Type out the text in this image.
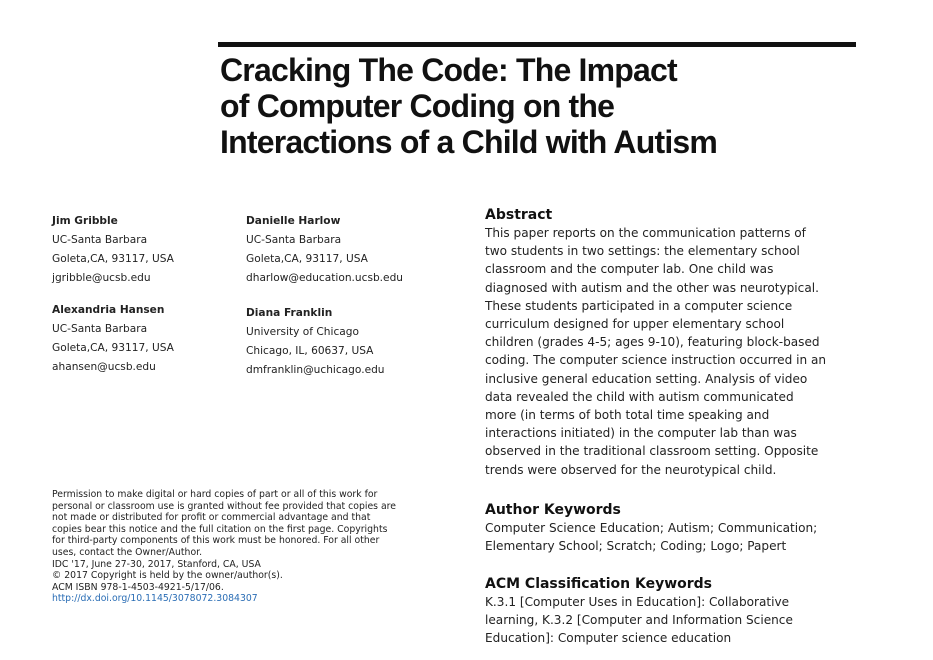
Cracking The Code: The Impact
of Computer Coding on the
Interactions of a Child with Autism
Jim Gribble
UC-Santa Barbara
Goleta,CA, 93117, USA
jgribble@ucsb.edu
Alexandria Hansen
UC-Santa Barbara
Goleta,CA, 93117, USA
ahansen@ucsb.edu
Danielle Harlow
UC-Santa Barbara
Goleta,CA, 93117, USA
dharlow@education.ucsb.edu
Diana Franklin
University of Chicago
Chicago, IL, 60637, USA
dmfranklin@uchicago.edu
Permission to make digital or hard copies of part or all of this work for
personal or classroom use is granted without fee provided that copies are
not made or distributed for profit or commercial advantage and that
copies bear this notice and the full citation on the first page. Copyrights
for third-party components of this work must be honored. For all other
uses, contact the Owner/Author.
IDC '17, June 27-30, 2017, Stanford, CA, USA
© 2017 Copyright is held by the owner/author(s).
ACM ISBN 978-1-4503-4921-5/17/06.
http://dx.doi.org/10.1145/3078072.3084307
Abstract
This paper reports on the communication patterns of
two students in two settings: the elementary school
classroom and the computer lab. One child was
diagnosed with autism and the other was neurotypical.
These students participated in a computer science
curriculum designed for upper elementary school
children (grades 4-5; ages 9-10), featuring block-based
coding. The computer science instruction occurred in an
inclusive general education setting. Analysis of video
data revealed the child with autism communicated
more (in terms of both total time speaking and
interactions initiated) in the computer lab than was
observed in the traditional classroom setting. Opposite
trends were observed for the neurotypical child.
Author Keywords
Computer Science Education; Autism; Communication;
Elementary School; Scratch; Coding; Logo; Papert
ACM Classification Keywords
K.3.1 [Computer Uses in Education]: Collaborative
learning, K.3.2 [Computer and Information Science
Education]: Computer science education
